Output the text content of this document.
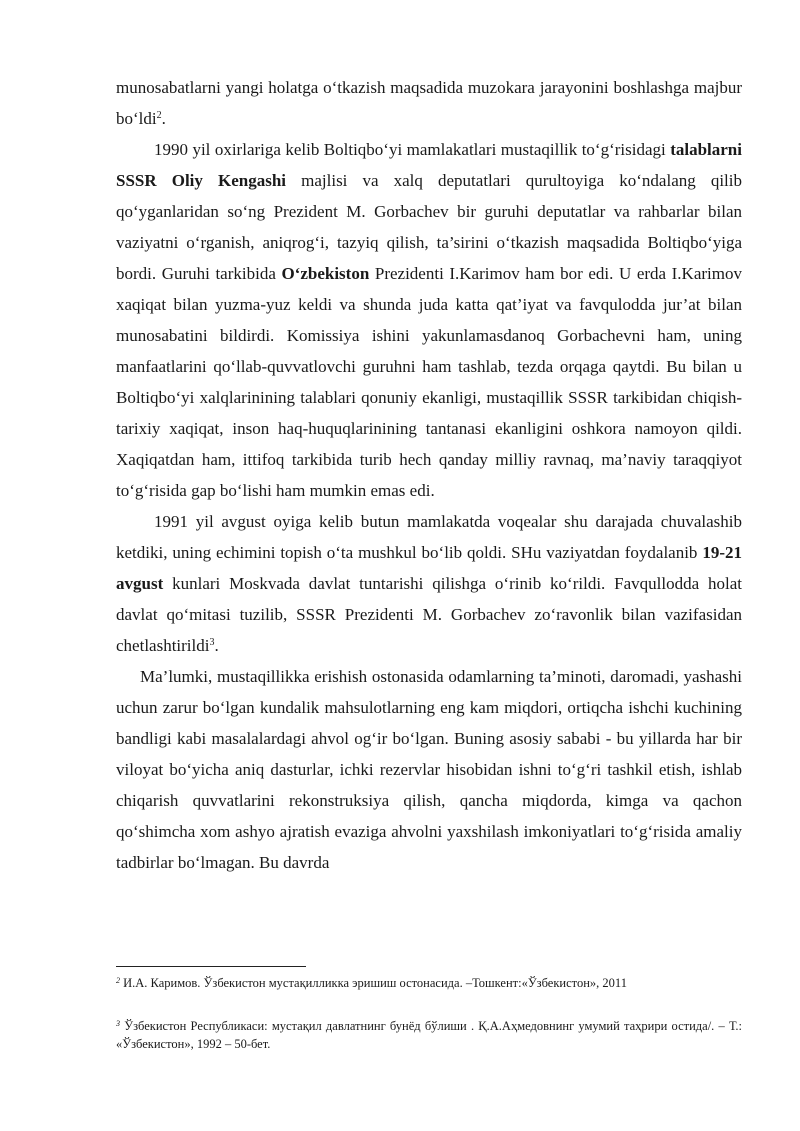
munosabatlarni yangi holatga o‘tkazish maqsadida muzokara jarayonini boshlashga majbur bo‘ldi$^2$.

1990 yil oxirlariga kelib Boltiqbo‘yi mamlakatlari mustaqillik to‘g‘risidagi talablarni SSSR Oliy Kengashi majlisi va xalq deputatlari qurultoyiga ko‘ndalang qilib qo‘yganlaridan so‘ng Prezident M. Gorbachev bir guruhi deputatlar va rahbarlar bilan vaziyatni o‘rganish, aniqrog‘i, tazyiq qilish, ta’sirini o‘tkazish maqsadida Boltiqbo‘yiga bordi. Guruhi tarkibida O‘zbekiston Prezidenti I.Karimov ham bor edi. U erda I.Karimov xaqiqat bilan yuzma-yuz keldi va shunda juda katta qat’iyat va favqulodda jur’at bilan munosabatini bildirdi. Komissiya ishini yakunlamasdanoq Gorbachevni ham, uning manfaatlarini qo‘llab-quvvatlovchi guruhni ham tashlab, tezda orqaga qaytdi. Bu bilan u Boltiqbo‘yi xalqlarinining talablari qonuniy ekanligi, mustaqillik SSSR tarkibidan chiqish-tarixiy xaqiqat, inson haq-huquqlarinining tantanasi ekanligini oshkora namoyon qildi. Xaqiqatdan ham, ittifoq tarkibida turib hech qanday milliy ravnaq, ma’naviy taraqqiyot to‘g‘risida gap bo‘lishi ham mumkin emas edi.

1991 yil avgust oyiga kelib butun mamlakatda voqealar shu darajada chuvalashib ketdiki, uning echimini topish o‘ta mushkul bo‘lib qoldi. SHu vaziyatdan foydalanib 19-21 avgust kunlari Moskvada davlat tuntarishi qilishga o‘rinib ko‘rildi. Favqullodda holat davlat qo‘mitasi tuzilib, SSSR Prezidenti M. Gorbachev zo‘ravonlik bilan vazifasidan chetlashtirildi$^3$.

Ma’lumki, mustaqillikka erishish ostonasida odamlarning ta’minoti, daromadi, yashashi uchun zarur bo‘lgan kundalik mahsulotlarning eng kam miqdori, ortiqcha ishchi kuchining bandligi kabi masalalardagi ahvol og‘ir bo‘lgan. Buning asosiy sababi - bu yillarda har bir viloyat bo‘yicha aniq dasturlar, ichki rezervlar hisobidan ishni to‘g‘ri tashkil etish, ishlab chiqarish quvvatlarini rekonstruksiya qilish, qancha miqdorda, kimga va qachon qo‘shimcha xom ashyo ajratish evaziga ahvolni yaxshilash imkoniyatlari to‘g‘risida amaliy tadbirlar bo‘lmagan. Bu davrda

$^2$ И.А. Каримов. Ўзбекистон мустақилликка эришиш остонасида. –Тошкент:«Ўзбекистон», 2011

$^3$ Ўзбекистон Республикаси: мустақил давлатнинг бунёд бўлиши . Қ.А.Аҳмедовнинг умумий таҳрири остида/. – Т.: «Ўзбекистон», 1992 – 50-бет.
